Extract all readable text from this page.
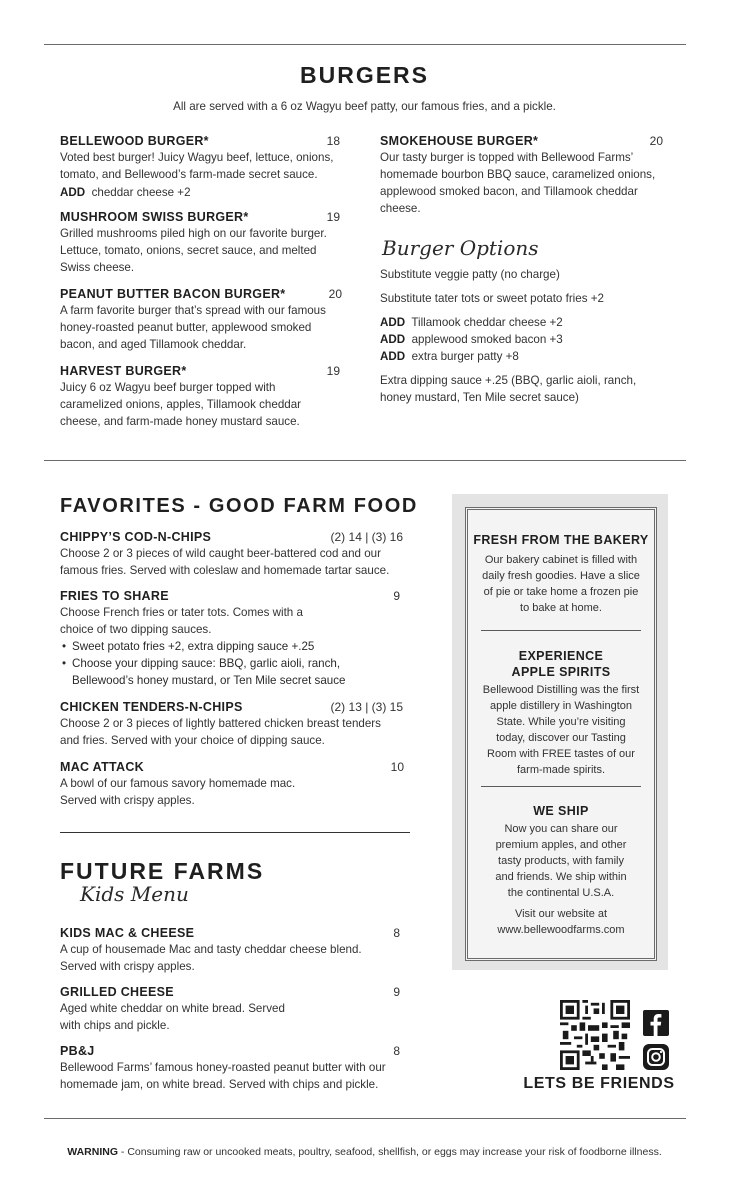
BURGERS
All are served with a 6 oz Wagyu beef patty, our famous fries, and a pickle.
BELLEWOOD BURGER*	18
Voted best burger! Juicy Wagyu beef, lettuce, onions, tomato, and Bellewood’s farm-made secret sauce.
ADD cheddar cheese +2
MUSHROOM SWISS BURGER*	19
Grilled mushrooms piled high on our favorite burger. Lettuce, tomato, onions, secret sauce, and melted Swiss cheese.
PEANUT BUTTER BACON BURGER*	20
A farm favorite burger that’s spread with our famous honey-roasted peanut butter, applewood smoked bacon, and aged Tillamook cheddar.
HARVEST BURGER*	19
Juicy 6 oz Wagyu beef burger topped with caramelized onions, apples, Tillamook cheddar cheese, and farm-made honey mustard sauce.
SMOKEHOUSE BURGER*	20
Our tasty burger is topped with Bellewood Farms’ homemade bourbon BBQ sauce, caramelized onions, applewood smoked bacon, and Tillamook cheddar cheese.
Burger Options
Substitute veggie patty (no charge)
Substitute tater tots or sweet potato fries +2
ADD Tillamook cheddar cheese +2
ADD applewood smoked bacon +3
ADD extra burger patty +8
Extra dipping sauce +.25 (BBQ, garlic aioli, ranch, honey mustard, Ten Mile secret sauce)
FAVORITES - GOOD FARM FOOD
CHIPPY’S COD-N-CHIPS	(2) 14 | (3) 16
Choose 2 or 3 pieces of wild caught beer-battered cod and our famous fries. Served with coleslaw and homemade tartar sauce.
FRIES TO SHARE	9
Choose French fries or tater tots. Comes with a choice of two dipping sauces.
• Sweet potato fries +2, extra dipping sauce +.25
• Choose your dipping sauce: BBQ, garlic aioli, ranch, Bellewood’s honey mustard, or Ten Mile secret sauce
CHICKEN TENDERS-N-CHIPS	(2) 13 | (3) 15
Choose 2 or 3 pieces of lightly battered chicken breast tenders and fries. Served with your choice of dipping sauce.
MAC ATTACK	10
A bowl of our famous savory homemade mac. Served with crispy apples.
FUTURE FARMS
Kids Menu
KIDS MAC & CHEESE	8
A cup of housemade Mac and tasty cheddar cheese blend. Served with crispy apples.
GRILLED CHEESE	9
Aged white cheddar on white bread. Served with chips and pickle.
PB&J	8
Bellewood Farms’ famous honey-roasted peanut butter with our homemade jam, on white bread. Served with chips and pickle.
FRESH FROM THE BAKERY
Our bakery cabinet is filled with daily fresh goodies. Have a slice of pie or take home a frozen pie to bake at home.
EXPERIENCE
APPLE SPIRITS
Bellewood Distilling was the first apple distillery in Washington State. While you’re visiting today, discover our Tasting Room with FREE tastes of our farm-made spirits.
WE SHIP
Now you can share our premium apples, and other tasty products, with family and friends. We ship within the continental U.S.A.
Visit our website at
www.bellewoodfarms.com
LETS BE FRIENDS
WARNING - Consuming raw or uncooked meats, poultry, seafood, shellfish, or eggs may increase your risk of foodborne illness.
